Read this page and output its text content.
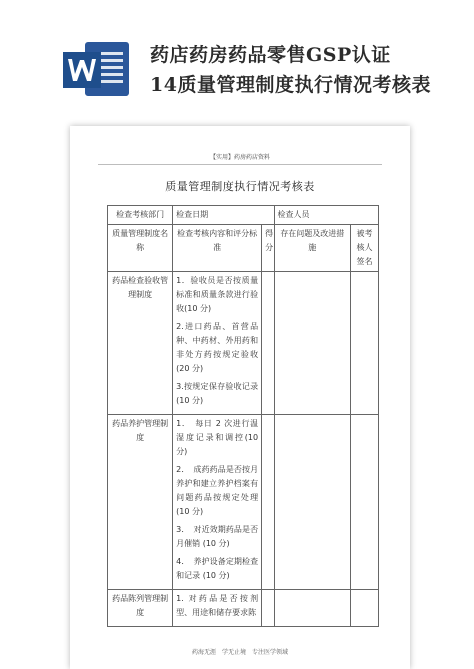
药店药房药品零售GSP认证
14质量管理制度执行情况考核表
【实用】药房药店资料
质量管理制度执行情况考核表
检查考核部门	检查日期		检查人员	
质量管理制度名称	检查考核内容和评分标准	得分	存在问题及改进措施	被考核人签名
药品检查验收管理制度	1．验收员是否按质量标准和质量条款进行验收(10 分)
2.进口药品、首营品种、中药材、外用药和非处方药按规定验收(20 分)
3.按规定保存验收记录 (10 分)			

药品养护管理制度	1．　每日 2 次进行温湿度记录和调控(10 分)
2．　成药药品是否按月养护和建立养护档案有问题药品按规定处理 (10 分)
3．　对近效期药品是否月催销 (10 分)
4．　养护设备定期检查和记录 (10 分)			

药品陈列管理制度	1. 对药品是否按剂型、用途和储存要求陈			

药海无涯　学无止境　专注医学领域
